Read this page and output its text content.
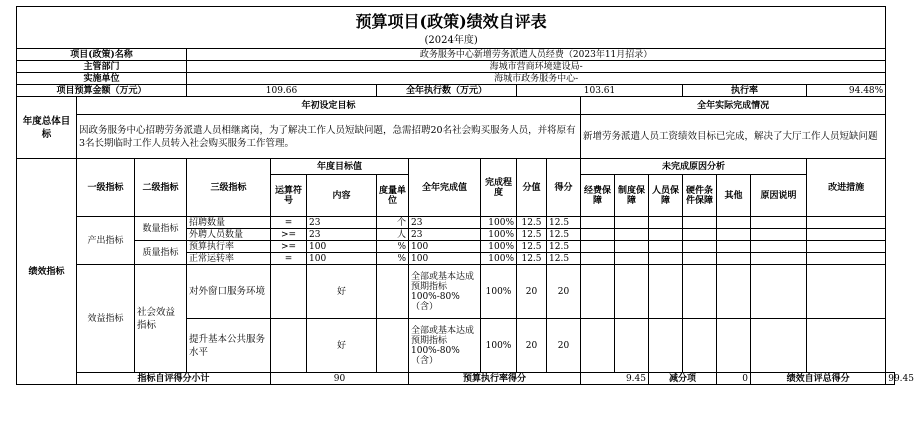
预算项目(政策)绩效自评表																		
(2024年度)																		
项目(政策)名称			政务服务中心新增劳务派遣人员经费（2023年11月招录）															
主管部门			海城市营商环境建设局-															
实施单位			海城市政务服务中心-															
项目预算金额（万元）			109.66			全年执行数（万元）			103.61					执行率			94.48%	
年度总体目标	年初设定目标										全年实际完成情况							
	因政务服务中心招聘劳务派遣人员相继离岗，为了解决工作人员短缺问题，急需招聘20名社会购买服务人员，并将原有3名长期临时工作人员转入社会购买服务工作管理。										新增劳务派遣人员工资绩效目标已完成，解决了大厅工作人员短缺问题							
绩效指标	一级指标	二级指标	三级指标	年度目标值			全年完成值	完成程度	分值	得分	未完成原因分析						改进措施	
				运算符号	内容	度量单位					经费保障	制度保障	人员保障	硬件条件保障	其他	原因说明		
	产出指标	数量指标	招聘数量	=	23	个	23	100%	12.5	12.5								
			外聘人员数量	>=	23	人	23	100%	12.5	12.5								
		质量指标	预算执行率	>=	100	%	100	100%	12.5	12.5								
			正常运转率	=	100	%	100	100%	12.5	12.5								
	效益指标	社会效益指标	对外窗口服务环境		好		全部或基本达成预期指标100%-80%（含）	100%	20	20								
			提升基本公共服务水平		好		全部或基本达成预期指标100%-80%（含）	100%	20	20								
	指标自评得分小计			90			预算执行率得分				9.45		减分项		0	绩效自评总得分		99.45
